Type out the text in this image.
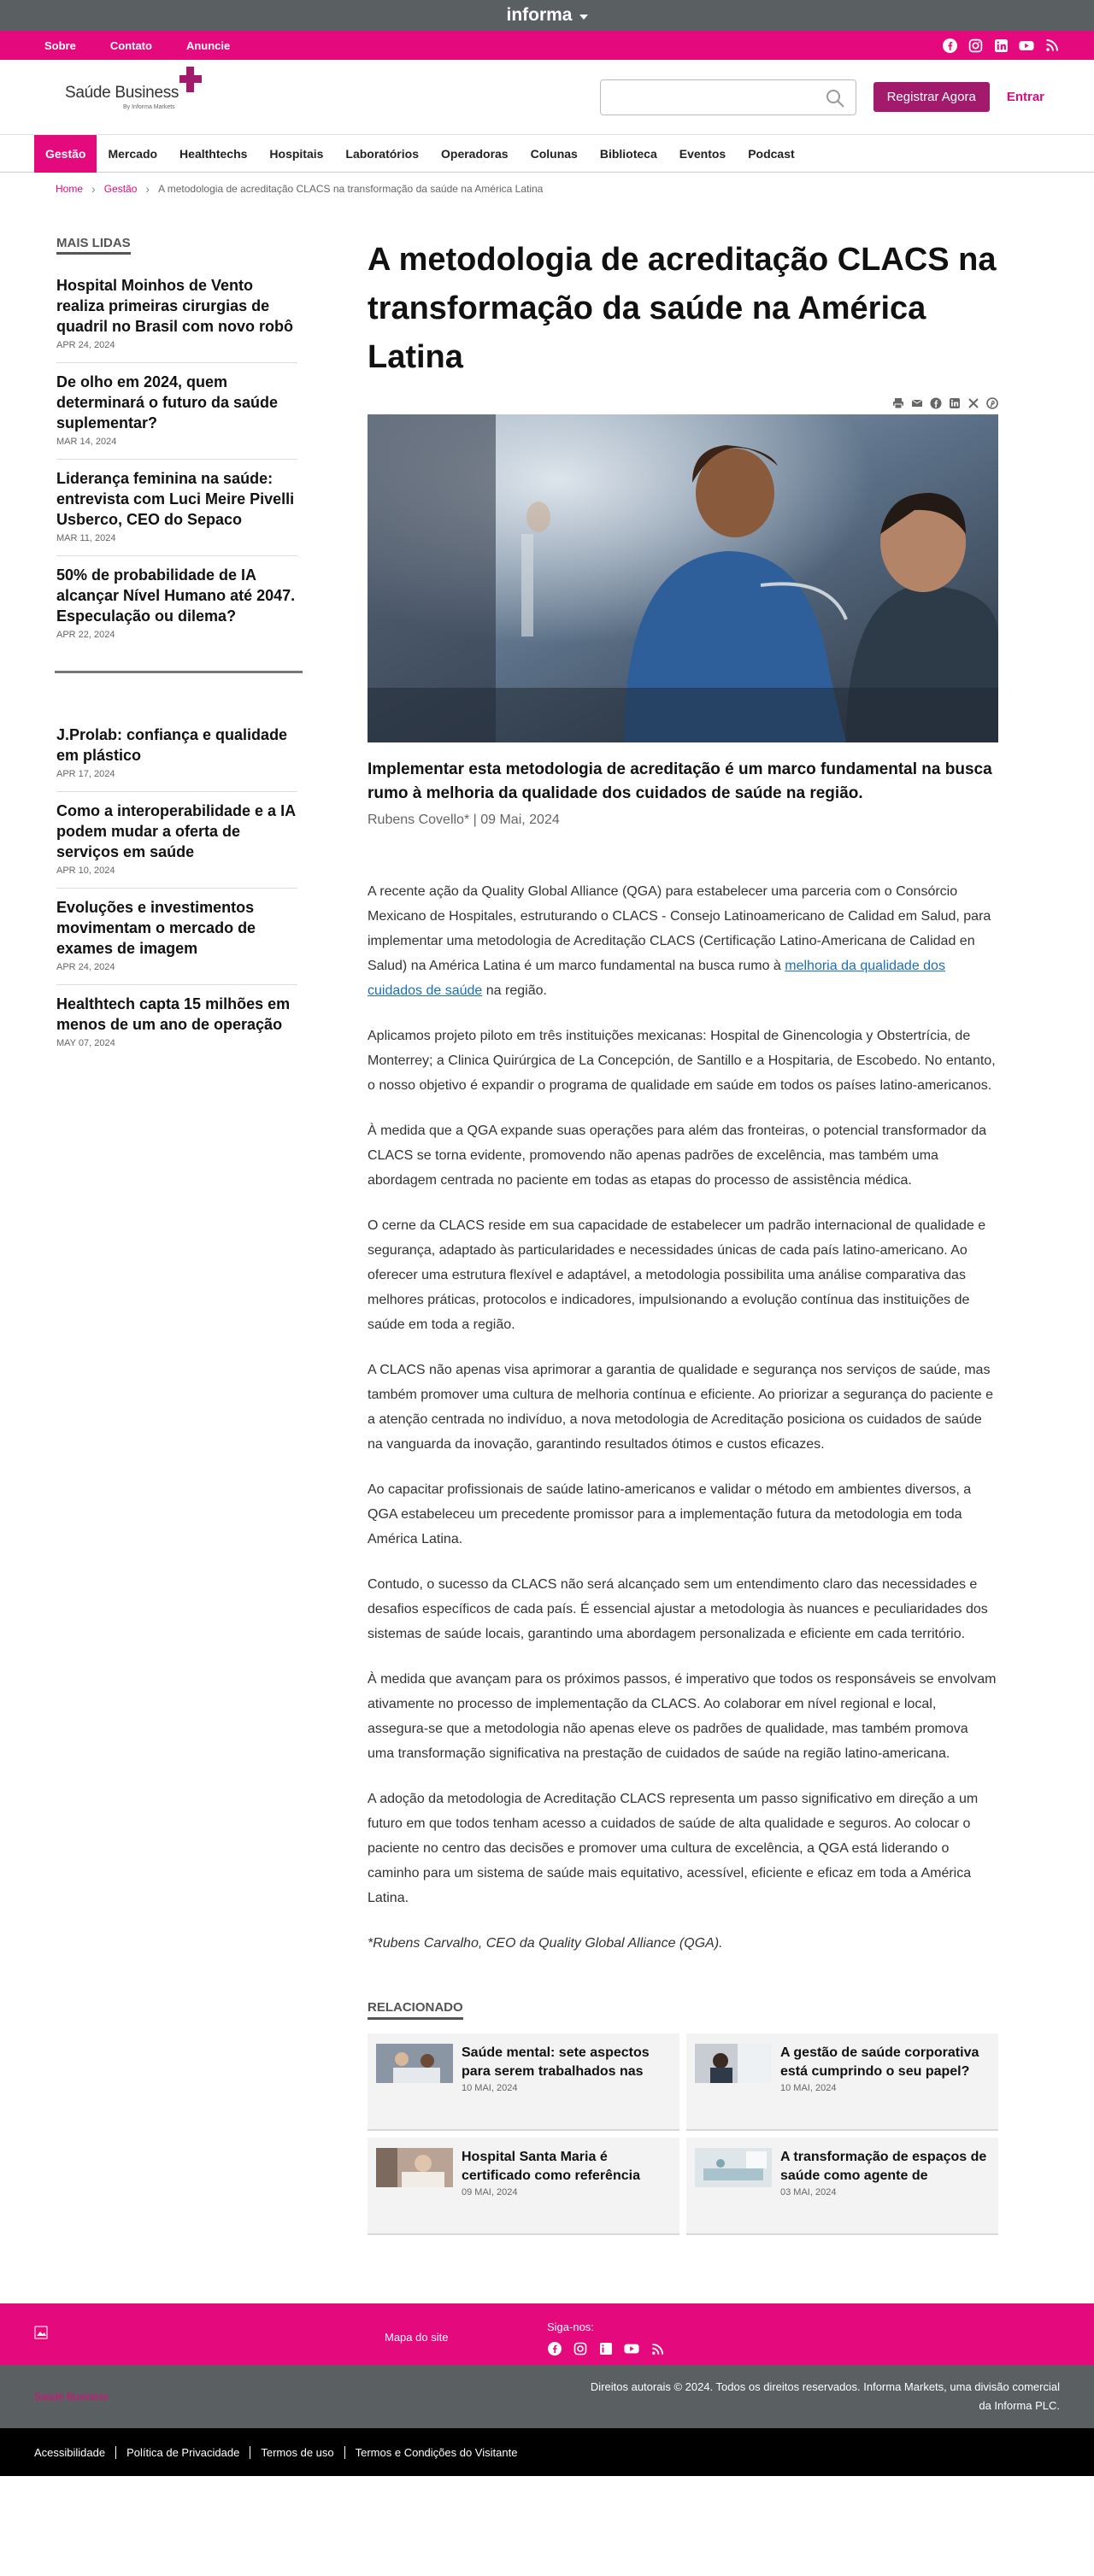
informa
Sobre	Contato	Anuncie
Saúde Business
By Informa Markets
Registrar Agora	Entrar
Gestão	Mercado	Healthtechs	Hospitais	Laboratórios	Operadoras	Colunas	Biblioteca	Eventos	Podcast
Home › Gestão › A metodologia de acreditação CLACS na transformação da saúde na América Latina
MAIS LIDAS
Hospital Moinhos de Vento realiza primeiras cirurgias de quadril no Brasil com novo robô
APR 24, 2024
De olho em 2024, quem determinará o futuro da saúde suplementar?
MAR 14, 2024
Liderança feminina na saúde: entrevista com Luci Meire Pivelli Usberco, CEO do Sepaco
MAR 11, 2024
50% de probabilidade de IA alcançar Nível Humano até 2047. Especulação ou dilema?
APR 22, 2024
J.Prolab: confiança e qualidade em plástico
APR 17, 2024
Como a interoperabilidade e a IA podem mudar a oferta de serviços em saúde
APR 10, 2024
Evoluções e investimentos movimentam o mercado de exames de imagem
APR 24, 2024
Healthtech capta 15 milhões em menos de um ano de operação
MAY 07, 2024
A metodologia de acreditação CLACS na transformação da saúde na América Latina

Implementar esta metodologia de acreditação é um marco fundamental na busca rumo à melhoria da qualidade dos cuidados de saúde na região.

Rubens Covello* | 09 Mai, 2024

A recente ação da Quality Global Alliance (QGA) para estabelecer uma parceria com o Consórcio Mexicano de Hospitales, estruturando o CLACS - Consejo Latinoamericano de Calidad em Salud, para implementar uma metodologia de Acreditação CLACS (Certificação Latino-Americana de Calidad en Salud) na América Latina é um marco fundamental na busca rumo à melhoria da qualidade dos cuidados de saúde na região.

Aplicamos projeto piloto em três instituições mexicanas: Hospital de Ginencologia y Obstertrícia, de Monterrey; a Clinica Quirúrgica de La Concepción, de Santillo e a Hospitaria, de Escobedo. No entanto, o nosso objetivo é expandir o programa de qualidade em saúde em todos os países latino-americanos.

À medida que a QGA expande suas operações para além das fronteiras, o potencial transformador da CLACS se torna evidente, promovendo não apenas padrões de excelência, mas também uma abordagem centrada no paciente em todas as etapas do processo de assistência médica.

O cerne da CLACS reside em sua capacidade de estabelecer um padrão internacional de qualidade e segurança, adaptado às particularidades e necessidades únicas de cada país latino-americano. Ao oferecer uma estrutura flexível e adaptável, a metodologia possibilita uma análise comparativa das melhores práticas, protocolos e indicadores, impulsionando a evolução contínua das instituições de saúde em toda a região.

A CLACS não apenas visa aprimorar a garantia de qualidade e segurança nos serviços de saúde, mas também promover uma cultura de melhoria contínua e eficiente. Ao priorizar a segurança do paciente e a atenção centrada no indivíduo, a nova metodologia de Acreditação posiciona os cuidados de saúde na vanguarda da inovação, garantindo resultados ótimos e custos eficazes.

Ao capacitar profissionais de saúde latino-americanos e validar o método em ambientes diversos, a QGA estabeleceu um precedente promissor para a implementação futura da metodologia em toda América Latina.

Contudo, o sucesso da CLACS não será alcançado sem um entendimento claro das necessidades e desafios específicos de cada país. É essencial ajustar a metodologia às nuances e peculiaridades dos sistemas de saúde locais, garantindo uma abordagem personalizada e eficiente em cada território.

À medida que avançam para os próximos passos, é imperativo que todos os responsáveis se envolvam ativamente no processo de implementação da CLACS. Ao colaborar em nível regional e local, assegura-se que a metodologia não apenas eleve os padrões de qualidade, mas também promova uma transformação significativa na prestação de cuidados de saúde na região latino-americana.

A adoção da metodologia de Acreditação CLACS representa um passo significativo em direção a um futuro em que todos tenham acesso a cuidados de saúde de alta qualidade e seguros. Ao colocar o paciente no centro das decisões e promover uma cultura de excelência, a QGA está liderando o caminho para um sistema de saúde mais equitativo, acessível, eficiente e eficaz em toda a América Latina.

*Rubens Carvalho, CEO da Quality Global Alliance (QGA).

RELACIONADO
Saúde mental: sete aspectos para serem trabalhados nas
10 MAI, 2024
A gestão de saúde corporativa está cumprindo o seu papel?
10 MAI, 2024
Hospital Santa Maria é certificado como referência
09 MAI, 2024
A transformação de espaços de saúde como agente de
03 MAI, 2024
Mapa do site
Siga-nos:
Saúde Business
Direitos autorais © 2024. Todos os direitos reservados. Informa Markets, uma divisão comercial da Informa PLC.
Acessibilidade	Política de Privacidade	Termos de uso	Termos e Condições do Visitante
